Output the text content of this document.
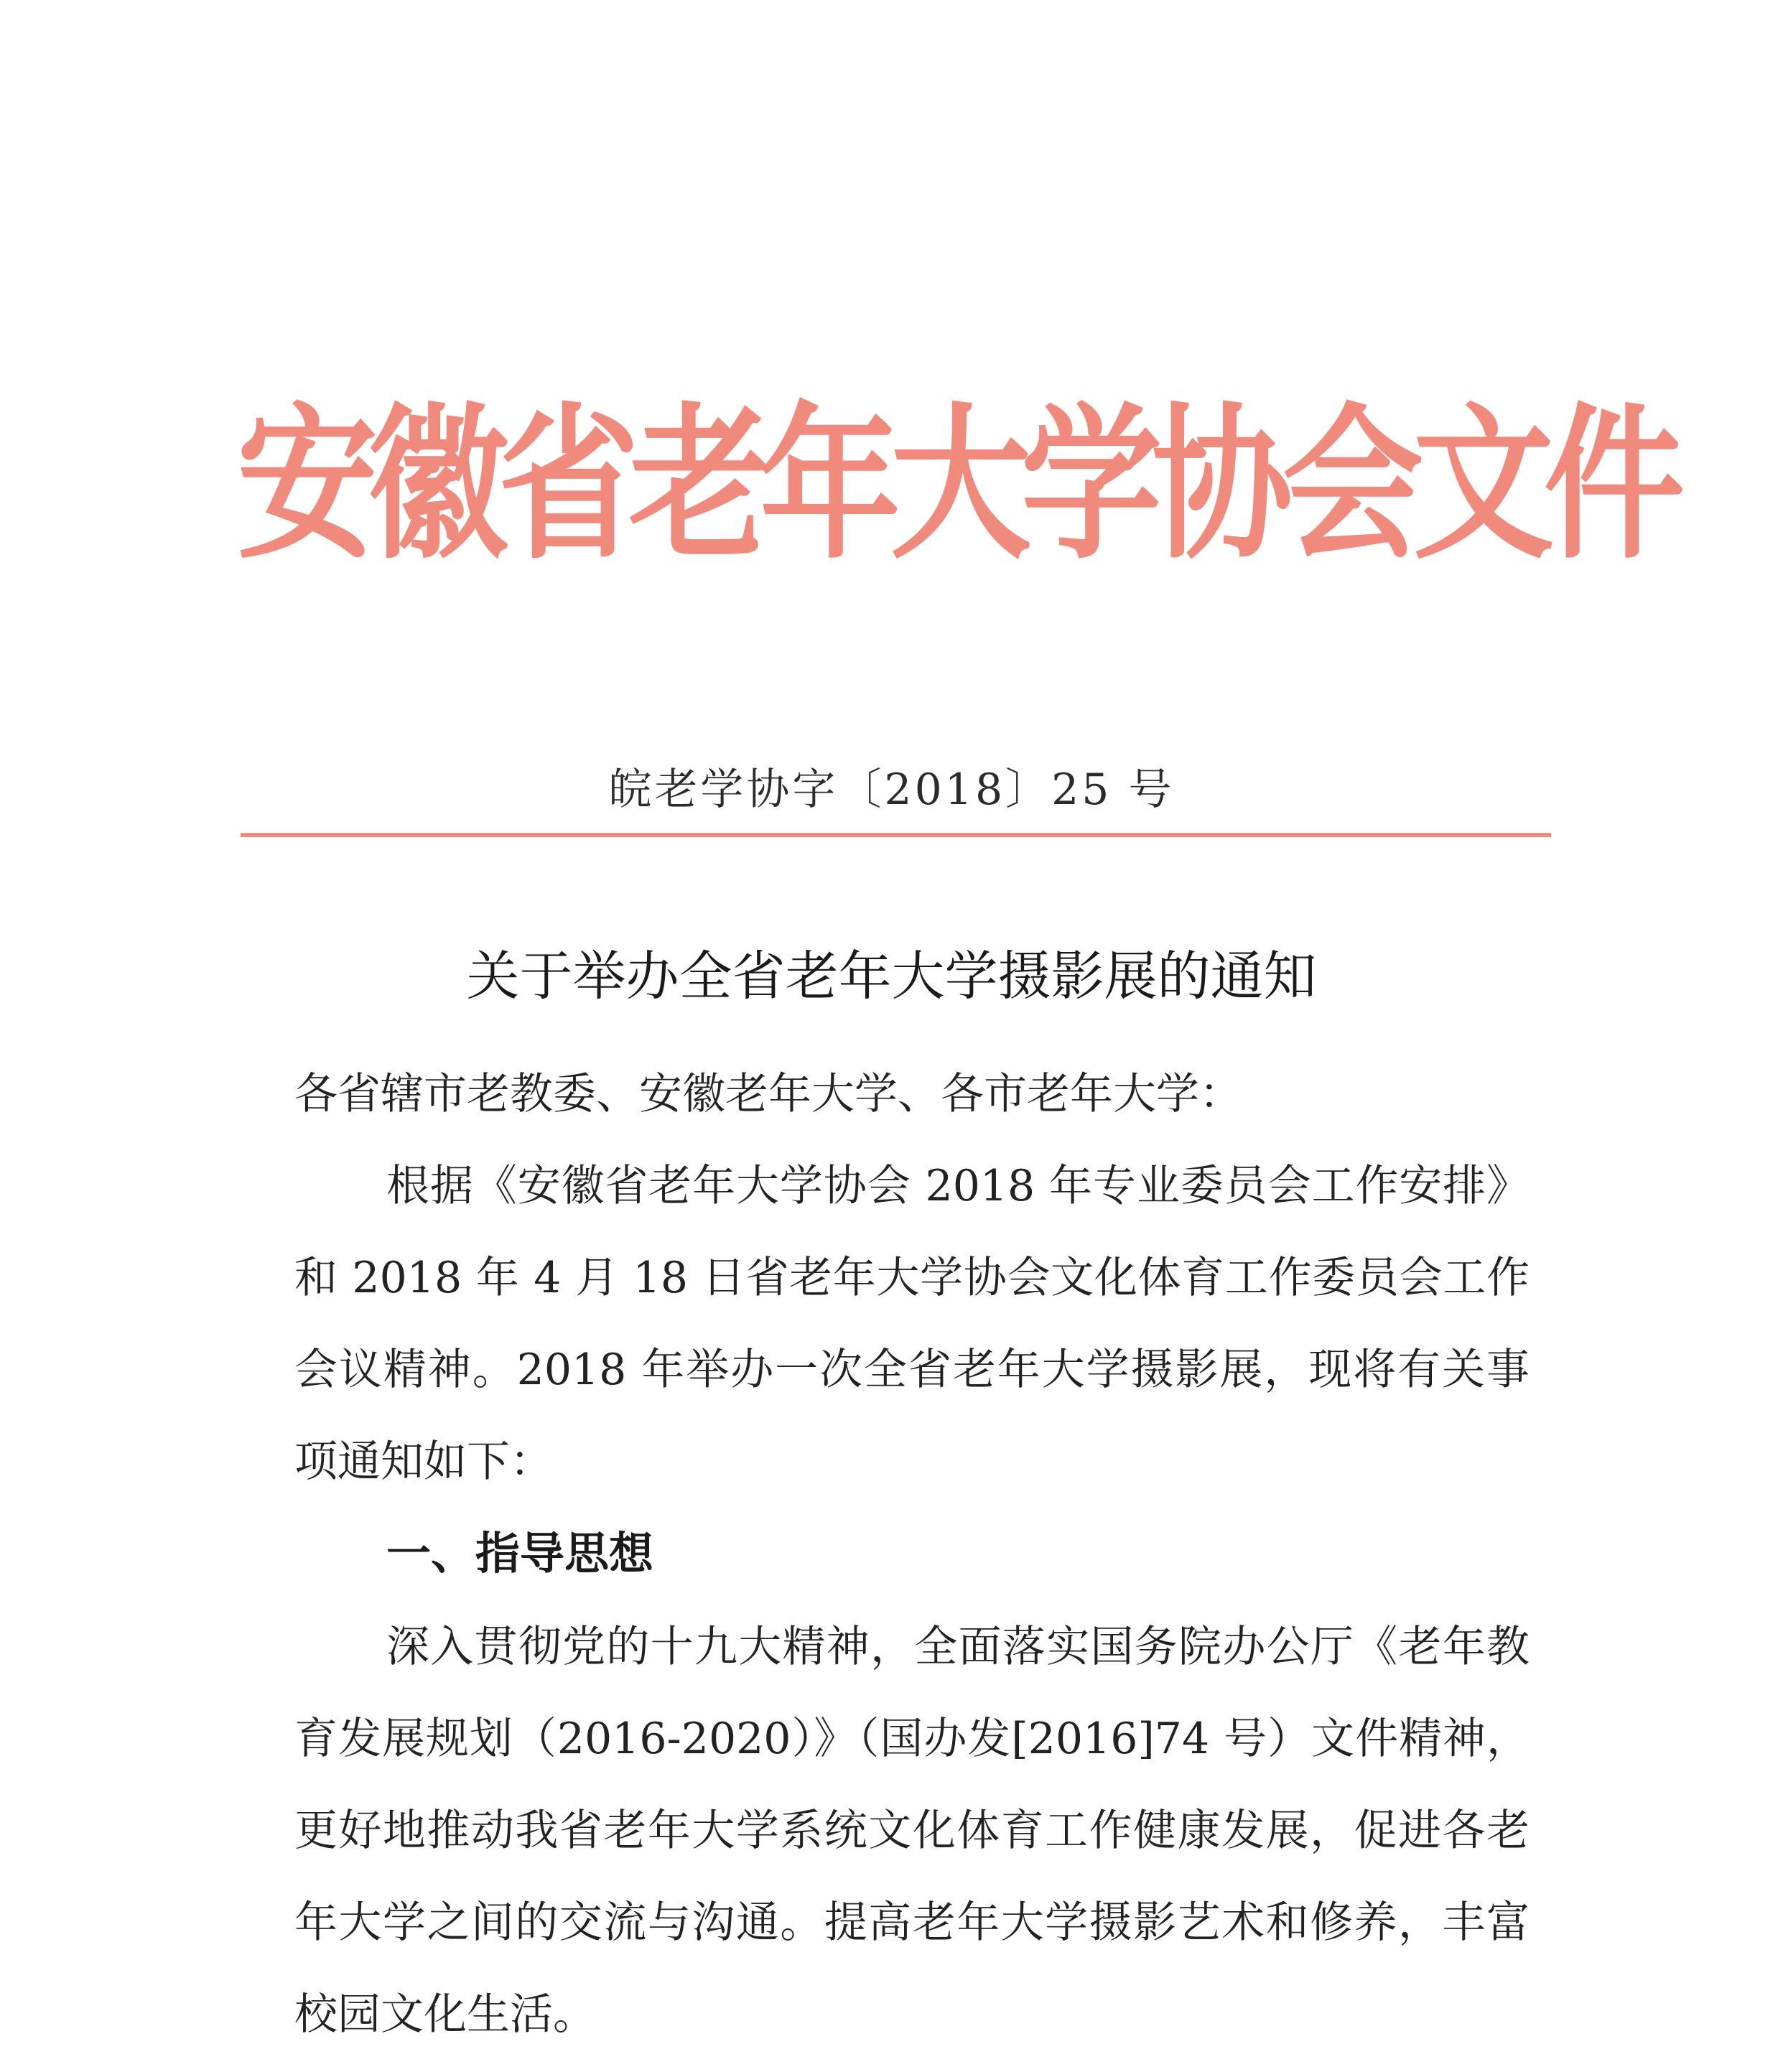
安徽省老年大学协会文件
皖老学协字〔2018〕25 号
关于举办全省老年大学摄影展的通知
各省辖市老教委、安徽老年大学、各市老年大学：

根据《安徽省老年大学协会 2018 年专业委员会工作安排》和 2018 年 4 月 18 日省老年大学协会文化体育工作委员会工作会议精神。2018 年举办一次全省老年大学摄影展，现将有关事项通知如下：

一、指导思想

深入贯彻党的十九大精神，全面落实国务院办公厅《老年教育发展规划（2016-2020）》（国办发[2016]74 号）文件精神，更好地推动我省老年大学系统文化体育工作健康发展，促进各老年大学之间的交流与沟通。提高老年大学摄影艺术和修养，丰富校园文化生活。
